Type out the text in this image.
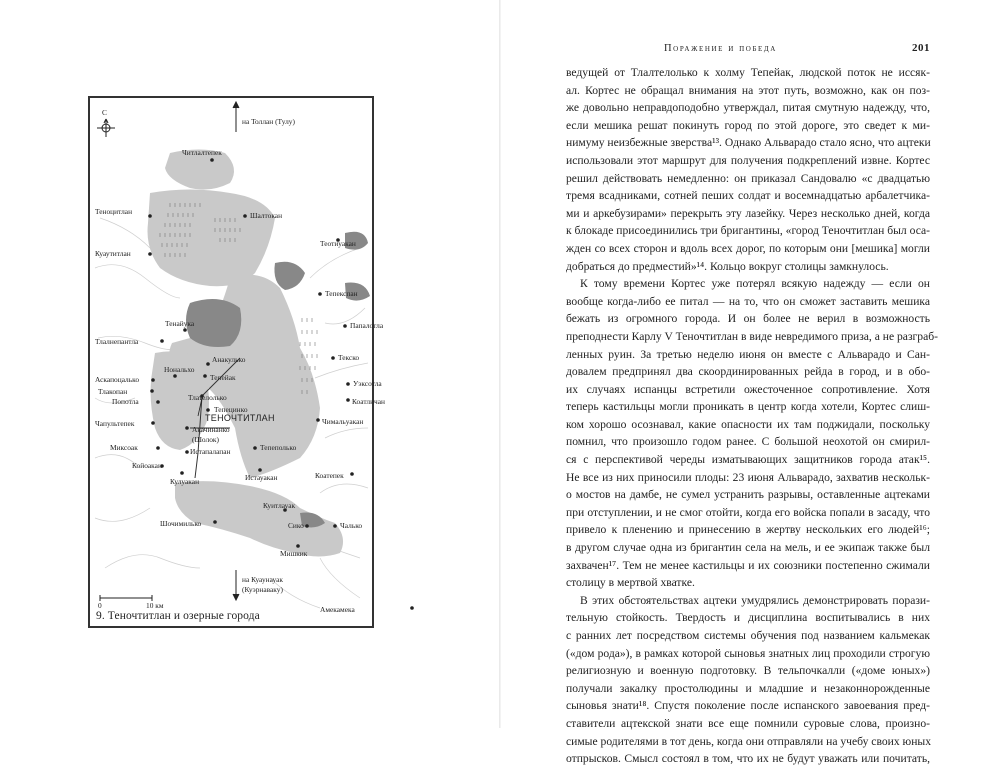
С
на Толлан (Тулу)
на Куаунауак
(Куэрнаваку)
0	10 км
ТЕНОЧТИТЛАН
Читлалтепек
Теноцитлан	Шалтокан
Куаутитлан
Теотиуакан
Тепекспан
Папалотла
Тенайука
Тлалнепантла
Анакулько
Нональхо
Тепейак
Аскапоцалько
Тлакопан
Тлателолько
Тепецинко
Текско
Уэксотла
Попотла	Коатличан
Чапультепек
Акачинанко
(Шолок)
Чимальуакан
Миксоак	Истапалапан	Тепеполько
Койоакан
Кулуакан	Истауакан	Коатепек
Шочимилько
Куитлауак
Сико	Чалько
Мишкик
Амекамека
9. Теночтитлан и озерные города
Поражение и победа	201
ведущей от Тлалтелолько к холму Тепейак, людской поток не иссяк-
ал. Кортес не обращал внимания на этот путь, возможно, как он поз-
же довольно неправдоподобно утверждал, питая смутную надежду, что,
если мешика решат покинуть город по этой дороге, это сведет к ми-
нимуму неизбежные зверства¹³. Однако Альварадо стало ясно, что ацтеки
использовали этот маршрут для получения подкреплений извне. Кортес
решил действовать немедленно: он приказал Сандовалю «с двадцатью
тремя всадниками, сотней пеших солдат и восемнадцатью арбалетчика-
ми и аркебузирами» перекрыть эту лазейку. Через несколько дней, когда
к блокаде присоединились три бригантины, «город Теночтитлан был оса-
жден со всех сторон и вдоль всех дорог, по которым они [мешика] могли
добраться до предместий»¹⁴. Кольцо вокруг столицы замкнулось.
К тому времени Кортес уже потерял всякую надежду — если он
вообще когда-либо ее питал — на то, что он сможет заставить мешика
бежать из огромного города. И он более не верил в возможность
преподнести Карлу V Теночтитлан в виде невредимого приза, а не разграб-
ленных руин. За третью неделю июня он вместе с Альварадо и Сан-
довалем предпринял два скоординированных рейда в город, и в обо-
их случаях испанцы встретили ожесточенное сопротивление. Хотя
теперь кастильцы могли проникать в центр когда хотели, Кортес слиш-
ком хорошо осознавал, какие опасности их там поджидали, поскольку
помнил, что произошло годом ранее. С большой неохотой он смирил-
ся с перспективой череды изматывающих защитников города атак¹⁵.
Не все из них приносили плоды: 23 июня Альварадо, захватив нескольк-
о мостов на дамбе, не сумел устранить разрывы, оставленные ацтеками
при отступлении, и не смог отойти, когда его войска попали в засаду, что
привело к пленению и принесению в жертву нескольких его людей¹⁶;
в другом случае одна из бригантин села на мель, и ее экипаж также был
захвачен¹⁷. Тем не менее кастильцы и их союзники постепенно сжимали
столицу в мертвой хватке.
В этих обстоятельствах ацтеки умудрялись демонстрировать порази-
тельную стойкость. Твердость и дисциплина воспитывались в них
с ранних лет посредством системы обучения под названием кальмекак
(«дом рода»), в рамках которой сыновья знатных лиц проходили строгую
религиозную и военную подготовку. В тельпочкалли («доме юных»)
получали закалку простолюдины и младшие и незаконнорожденные
сыновья знати¹⁸. Спустя поколение после испанского завоевания пред-
ставители ацтекской знати все еще помнили суровые слова, произно-
симые родителями в тот день, когда они отправляли на учебу своих юных
отпрысков. Смысл состоял в том, что их не будут уважать или почитать,
